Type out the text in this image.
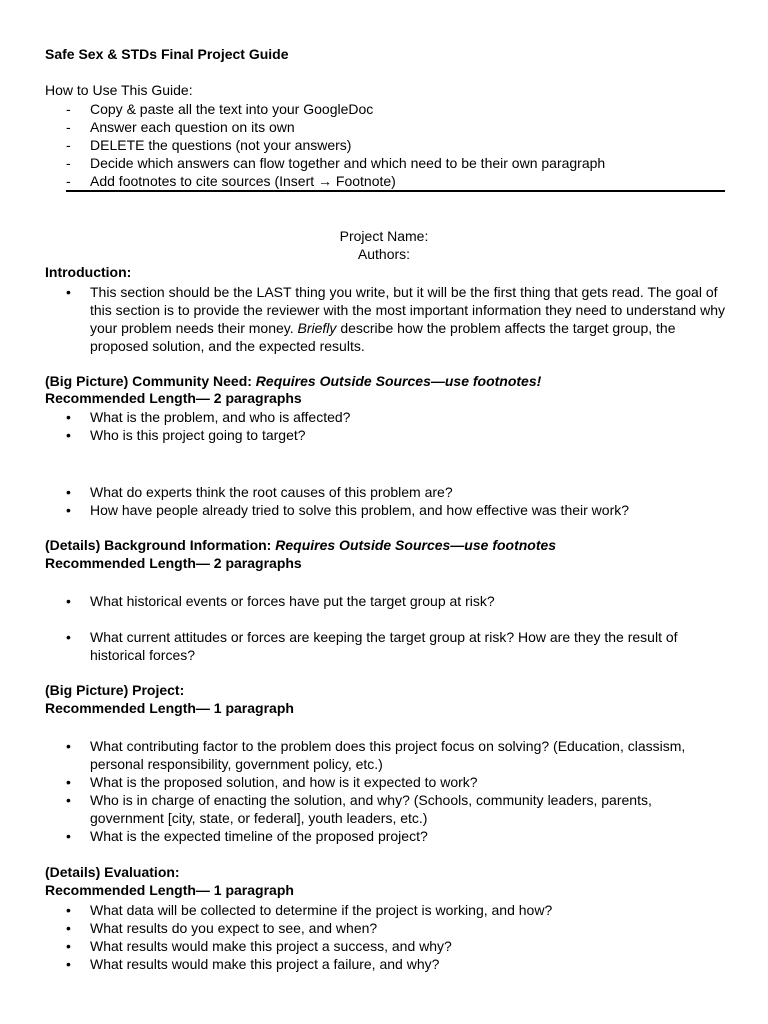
Safe Sex & STDs Final Project Guide
How to Use This Guide:
- Copy & paste all the text into your GoogleDoc
- Answer each question on its own
- DELETE the questions (not your answers)
- Decide which answers can flow together and which need to be their own paragraph
- Add footnotes to cite sources (Insert → Footnote)
Project Name:
Authors:
Introduction:
• This section should be the LAST thing you write, but it will be the first thing that gets read. The goal of this section is to provide the reviewer with the most important information they need to understand why your problem needs their money. Briefly describe how the problem affects the target group, the proposed solution, and the expected results.
(Big Picture) Community Need: Requires Outside Sources—use footnotes!
Recommended Length— 2 paragraphs
• What is the problem, and who is affected?
• Who is this project going to target?
• What do experts think the root causes of this problem are?
• How have people already tried to solve this problem, and how effective was their work?
(Details) Background Information: Requires Outside Sources—use footnotes
Recommended Length— 2 paragraphs
• What historical events or forces have put the target group at risk?
• What current attitudes or forces are keeping the target group at risk? How are they the result of historical forces?
(Big Picture) Project:
Recommended Length— 1 paragraph
• What contributing factor to the problem does this project focus on solving? (Education, classism, personal responsibility, government policy, etc.)
• What is the proposed solution, and how is it expected to work?
• Who is in charge of enacting the solution, and why? (Schools, community leaders, parents, government [city, state, or federal], youth leaders, etc.)
• What is the expected timeline of the proposed project?
(Details) Evaluation:
Recommended Length— 1 paragraph
• What data will be collected to determine if the project is working, and how?
• What results do you expect to see, and when?
• What results would make this project a success, and why?
• What results would make this project a failure, and why?
